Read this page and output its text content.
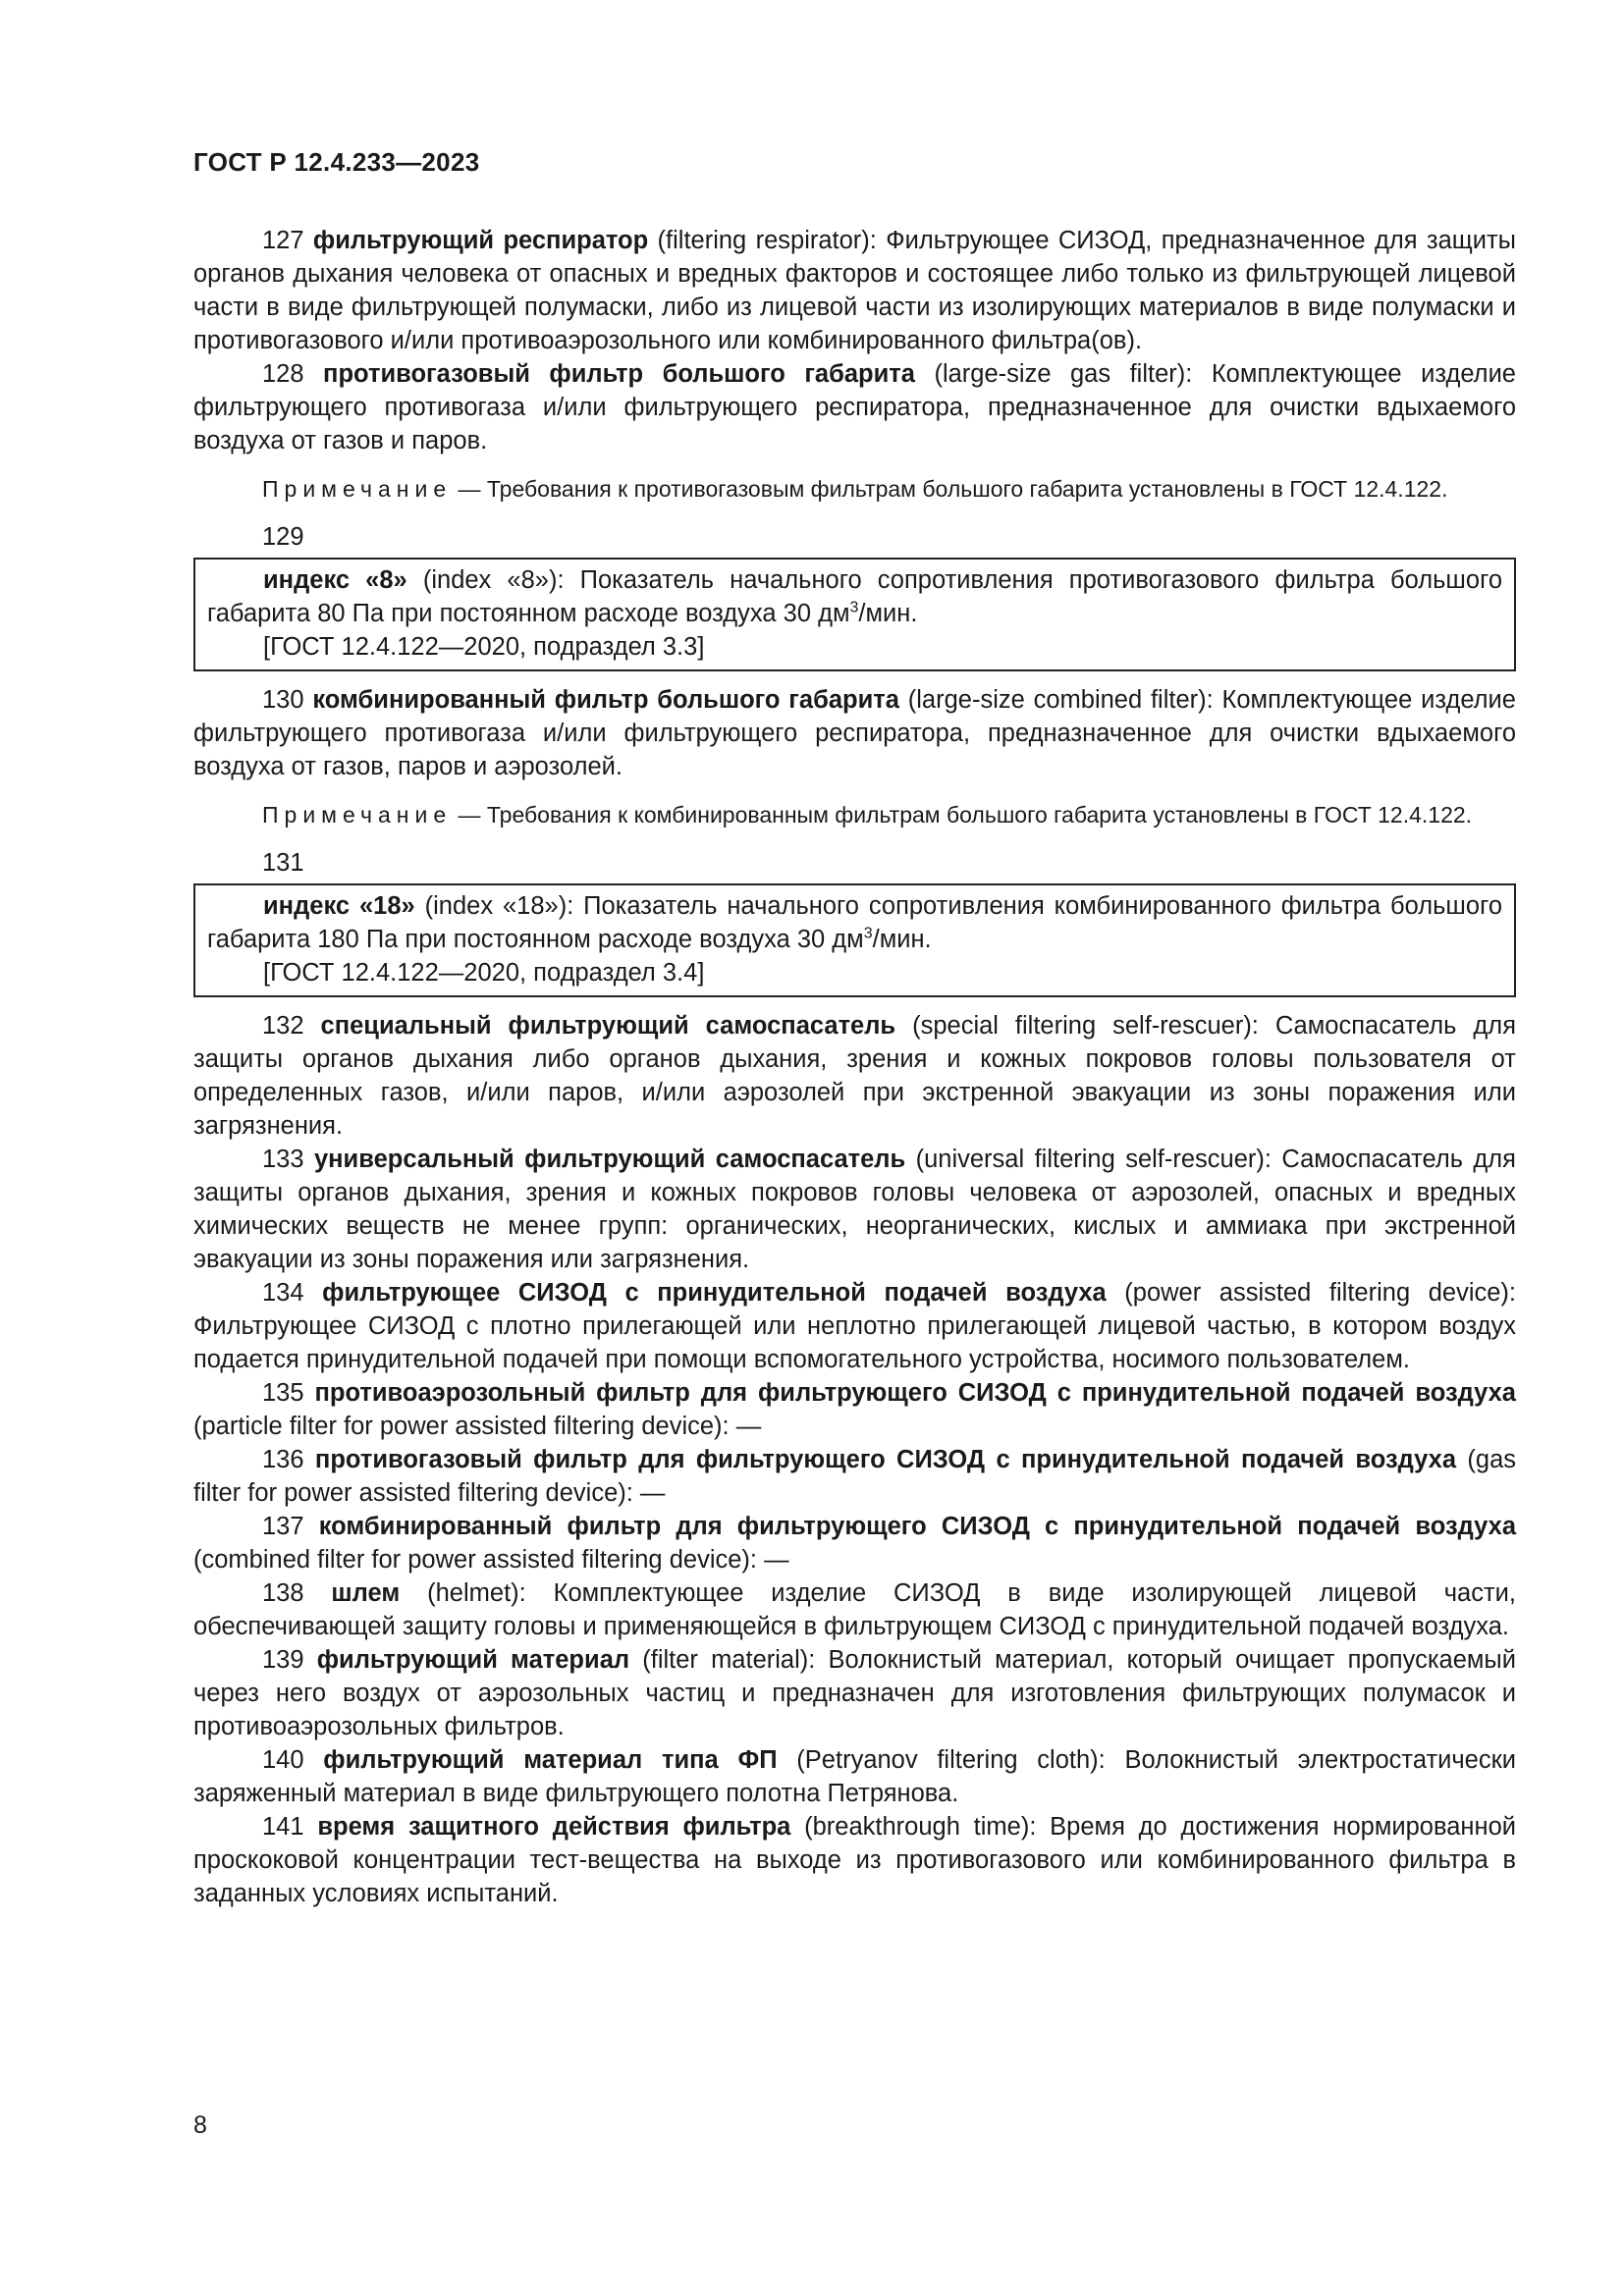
ГОСТ Р 12.4.233—2023

127 фильтрующий респиратор (filtering respirator): Фильтрующее СИЗОД, предназначенное для защиты органов дыхания человека от опасных и вредных факторов и состоящее либо только из фильтрующей лицевой части в виде фильтрующей полумаски, либо из лицевой части из изолирующих материалов в виде полумаски и противогазового и/или противоаэрозольного или комбинированного фильтра(ов).

128 противогазовый фильтр большого габарита (large-size gas filter): Комплектующее изделие фильтрующего противогаза и/или фильтрующего респиратора, предназначенное для очистки вдыхаемого воздуха от газов и паров.

Примечание — Требования к противогазовым фильтрам большого габарита установлены в ГОСТ 12.4.122.

129

индекс «8» (index «8»): Показатель начального сопротивления противогазового фильтра большого габарита 80 Па при постоянном расходе воздуха 30 $дм^3$/мин.

[ГОСТ 12.4.122—2020, подраздел 3.3]

130 комбинированный фильтр большого габарита (large-size combined filter): Комплектующее изделие фильтрующего противогаза и/или фильтрующего респиратора, предназначенное для очистки вдыхаемого воздуха от газов, паров и аэрозолей.

Примечание — Требования к комбинированным фильтрам большого габарита установлены в ГОСТ 12.4.122.

131

индекс «18» (index «18»): Показатель начального сопротивления комбинированного фильтра большого габарита 180 Па при постоянном расходе воздуха 30 $дм^3$/мин.

[ГОСТ 12.4.122—2020, подраздел 3.4]

132 специальный фильтрующий самоспасатель (special filtering self-rescuer): Самоспасатель для защиты органов дыхания либо органов дыхания, зрения и кожных покровов головы пользователя от определенных газов, и/или паров, и/или аэрозолей при экстренной эвакуации из зоны поражения или загрязнения.

133 универсальный фильтрующий самоспасатель (universal filtering self-rescuer): Самоспасатель для защиты органов дыхания, зрения и кожных покровов головы человека от аэрозолей, опасных и вредных химических веществ не менее групп: органических, неорганических, кислых и аммиака при экстренной эвакуации из зоны поражения или загрязнения.

134 фильтрующее СИЗОД с принудительной подачей воздуха (power assisted filtering device): Фильтрующее СИЗОД с плотно прилегающей или неплотно прилегающей лицевой частью, в котором воздух подается принудительной подачей при помощи вспомогательного устройства, носимого пользователем.

135 противоаэрозольный фильтр для фильтрующего СИЗОД с принудительной подачей воздуха (particle filter for power assisted filtering device): —

136 противогазовый фильтр для фильтрующего СИЗОД с принудительной подачей воздуха (gas filter for power assisted filtering device): —

137 комбинированный фильтр для фильтрующего СИЗОД с принудительной подачей воздуха (combined filter for power assisted filtering device): —

138 шлем (helmet): Комплектующее изделие СИЗОД в виде изолирующей лицевой части, обеспечивающей защиту головы и применяющейся в фильтрующем СИЗОД с принудительной подачей воздуха.

139 фильтрующий материал (filter material): Волокнистый материал, который очищает пропускаемый через него воздух от аэрозольных частиц и предназначен для изготовления фильтрующих полумасок и противоаэрозольных фильтров.

140 фильтрующий материал типа ФП (Petryanov filtering cloth): Волокнистый электростатически заряженный материал в виде фильтрующего полотна Петрянова.

141 время защитного действия фильтра (breakthrough time): Время до достижения нормированной проскоковой концентрации тест-вещества на выходе из противогазового или комбинированного фильтра в заданных условиях испытаний.

8
